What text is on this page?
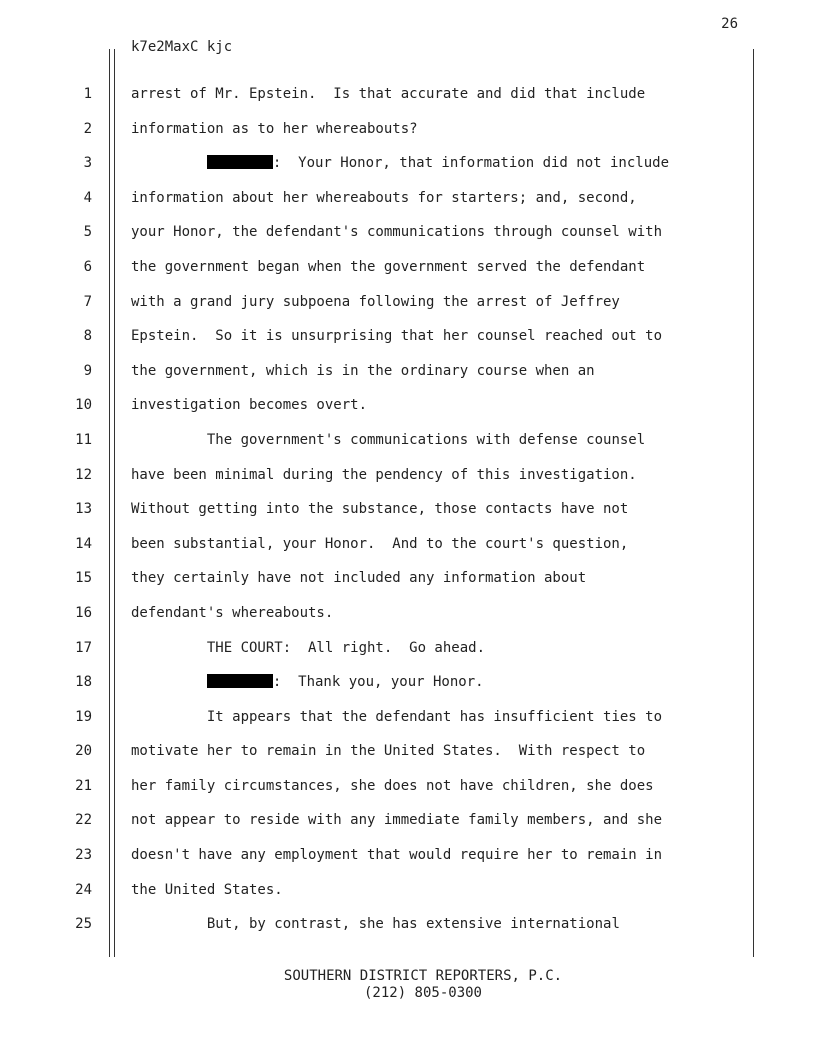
26
k7e2MaxC kjc
1	arrest of Mr. Epstein.  Is that accurate and did that include
2	information as to her whereabouts?
3	:  Your Honor, that information did not include
4	information about her whereabouts for starters; and, second,
5	your Honor, the defendant's communications through counsel with
6	the government began when the government served the defendant
7	with a grand jury subpoena following the arrest of Jeffrey
8	Epstein.  So it is unsurprising that her counsel reached out to
9	the government, which is in the ordinary course when an
10	investigation becomes overt.
11	The government's communications with defense counsel
12	have been minimal during the pendency of this investigation.
13	Without getting into the substance, those contacts have not
14	been substantial, your Honor.  And to the court's question,
15	they certainly have not included any information about
16	defendant's whereabouts.
17	THE COURT:  All right.  Go ahead.
18	:  Thank you, your Honor.
19	It appears that the defendant has insufficient ties to
20	motivate her to remain in the United States.  With respect to
21	her family circumstances, she does not have children, she does
22	not appear to reside with any immediate family members, and she
23	doesn't have any employment that would require her to remain in
24	the United States.
25	But, by contrast, she has extensive international
SOUTHERN DISTRICT REPORTERS, P.C.
(212) 805-0300
